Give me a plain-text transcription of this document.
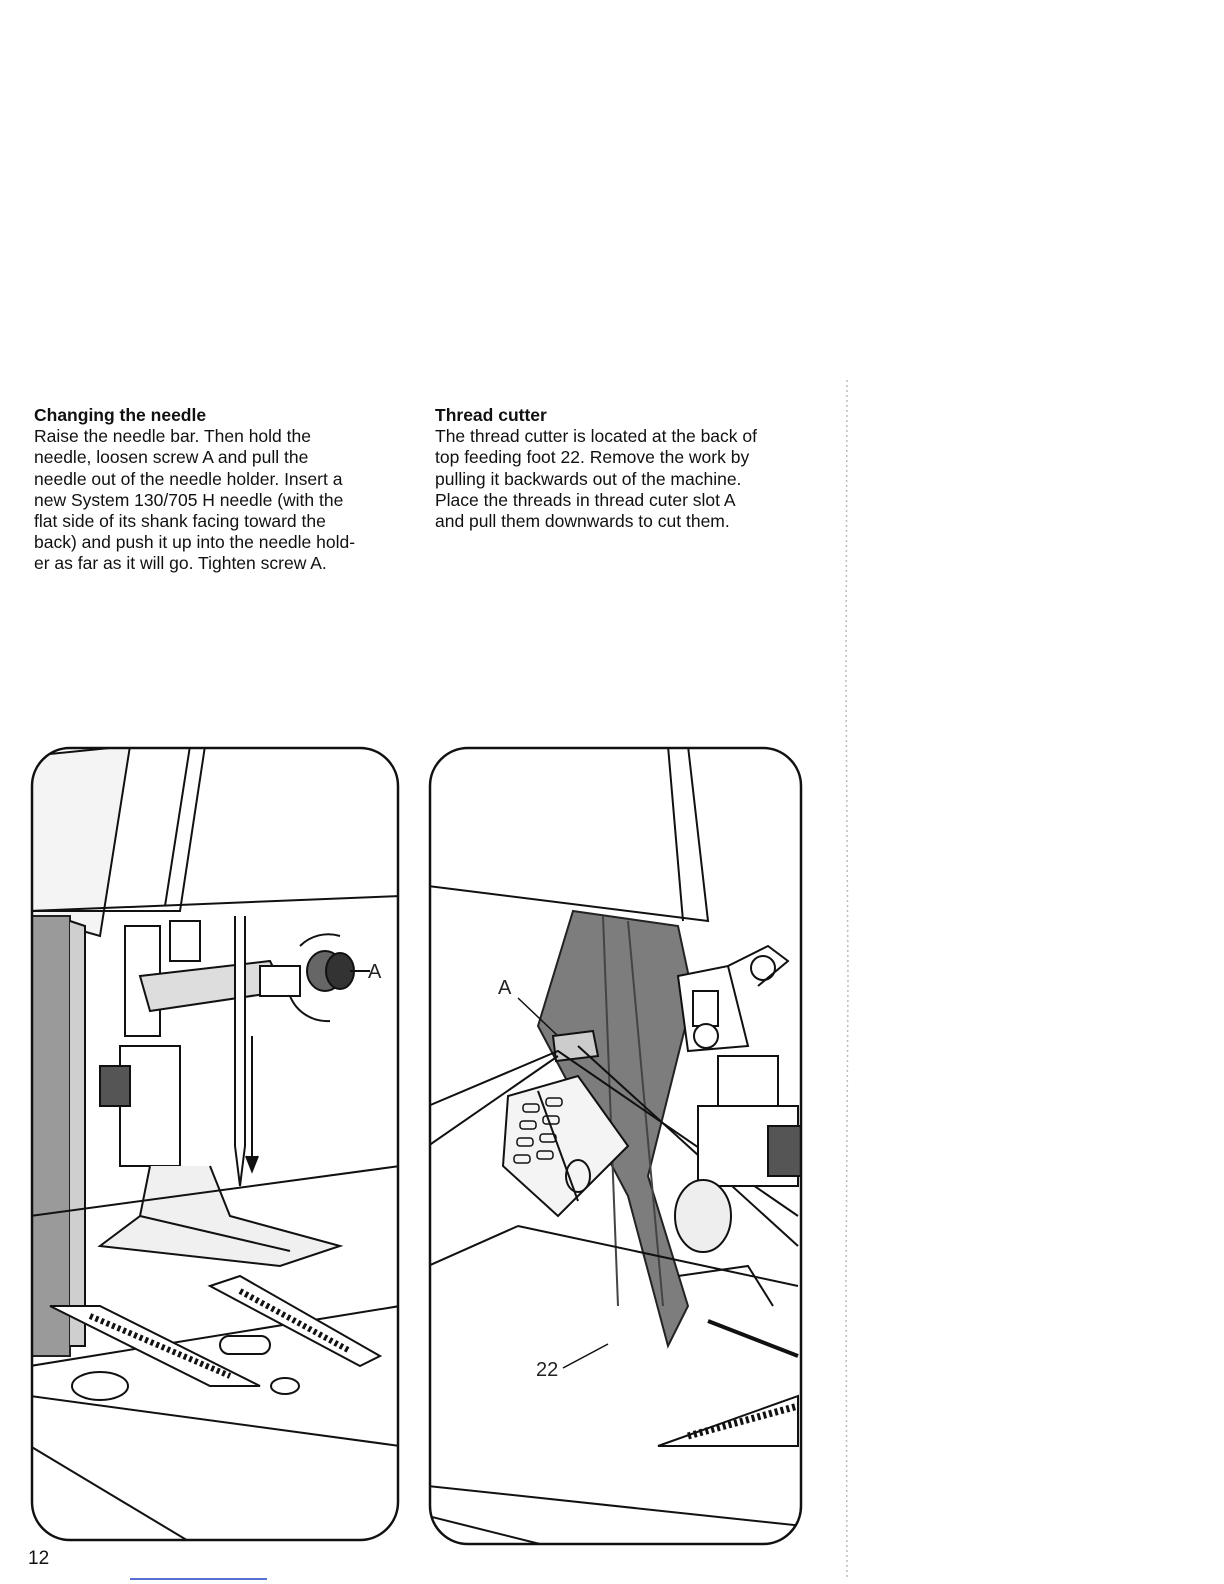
Changing the needle
Raise the needle bar. Then hold the
needle, loosen screw A and pull the
needle out of the needle holder. Insert a
new System 130/705 H needle (with the
flat side of its shank facing toward the
back) and push it up into the needle hold-
er as far as it will go. Tighten screw A.
Thread cutter
The thread cutter is located at the back of
top feeding foot 22. Remove the work by
pulling it backwards out of the machine.
Place the threads in thread cuter slot A
and pull them downwards to cut them.
A
A
22
12
